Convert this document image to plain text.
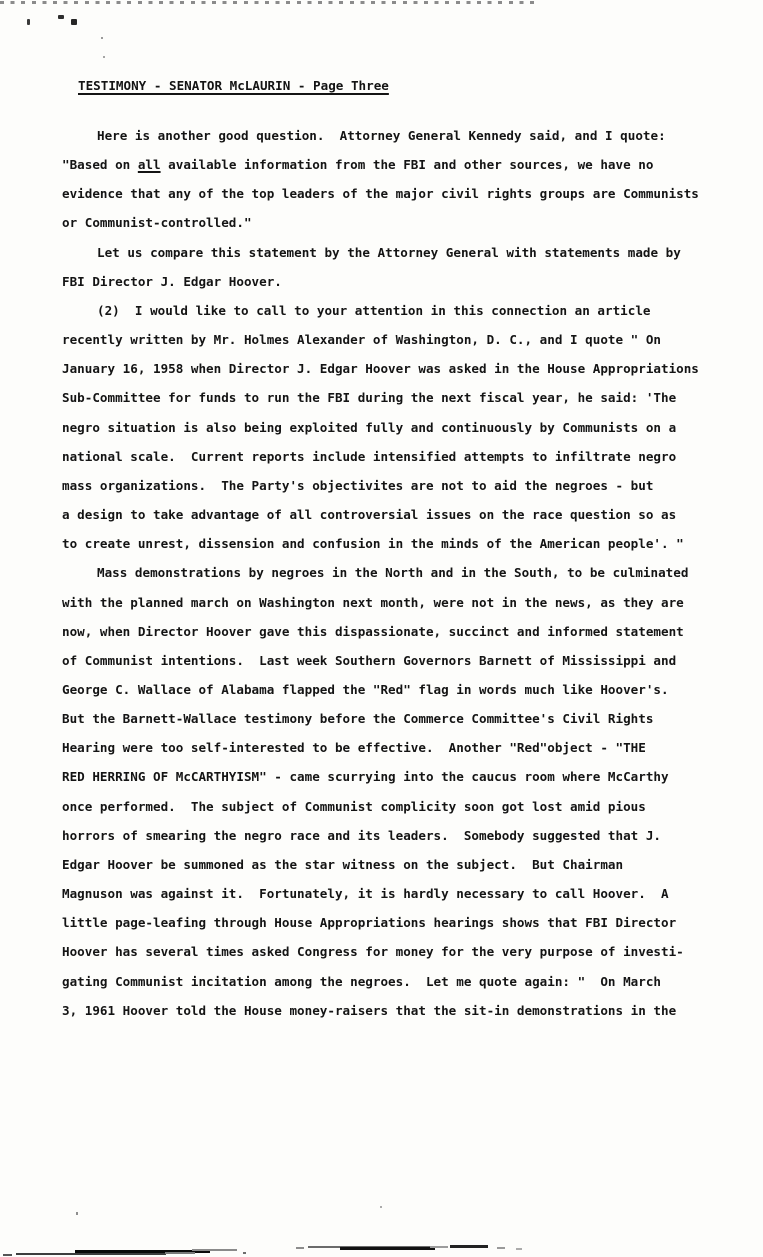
TESTIMONY - SENATOR McLAURIN - Page Three
Here is another good question.  Attorney General Kennedy said, and I quote:
"Based on all available information from the FBI and other sources, we have no
evidence that any of the top leaders of the major civil rights groups are Communists
or Communist-controlled."
Let us compare this statement by the Attorney General with statements made by
FBI Director J. Edgar Hoover.
(2)  I would like to call to your attention in this connection an article
recently written by Mr. Holmes Alexander of Washington, D. C., and I quote " On
January 16, 1958 when Director J. Edgar Hoover was asked in the House Appropriations
Sub-Committee for funds to run the FBI during the next fiscal year, he said: 'The
negro situation is also being exploited fully and continuously by Communists on a
national scale.  Current reports include intensified attempts to infiltrate negro
mass organizations.  The Party's objectivites are not to aid the negroes - but
a design to take advantage of all controversial issues on the race question so as
to create unrest, dissension and confusion in the minds of the American people'. "
Mass demonstrations by negroes in the North and in the South, to be culminated
with the planned march on Washington next month, were not in the news, as they are
now, when Director Hoover gave this dispassionate, succinct and informed statement
of Communist intentions.  Last week Southern Governors Barnett of Mississippi and
George C. Wallace of Alabama flapped the "Red" flag in words much like Hoover's.
But the Barnett-Wallace testimony before the Commerce Committee's Civil Rights
Hearing were too self-interested to be effective.  Another "Red"object - "THE
RED HERRING OF McCARTHYISM" - came scurrying into the caucus room where McCarthy
once performed.  The subject of Communist complicity soon got lost amid pious
horrors of smearing the negro race and its leaders.  Somebody suggested that J.
Edgar Hoover be summoned as the star witness on the subject.  But Chairman
Magnuson was against it.  Fortunately, it is hardly necessary to call Hoover.  A
little page-leafing through House Appropriations hearings shows that FBI Director
Hoover has several times asked Congress for money for the very purpose of investi-
gating Communist incitation among the negroes.  Let me quote again: "  On March
3, 1961 Hoover told the House money-raisers that the sit-in demonstrations in the
